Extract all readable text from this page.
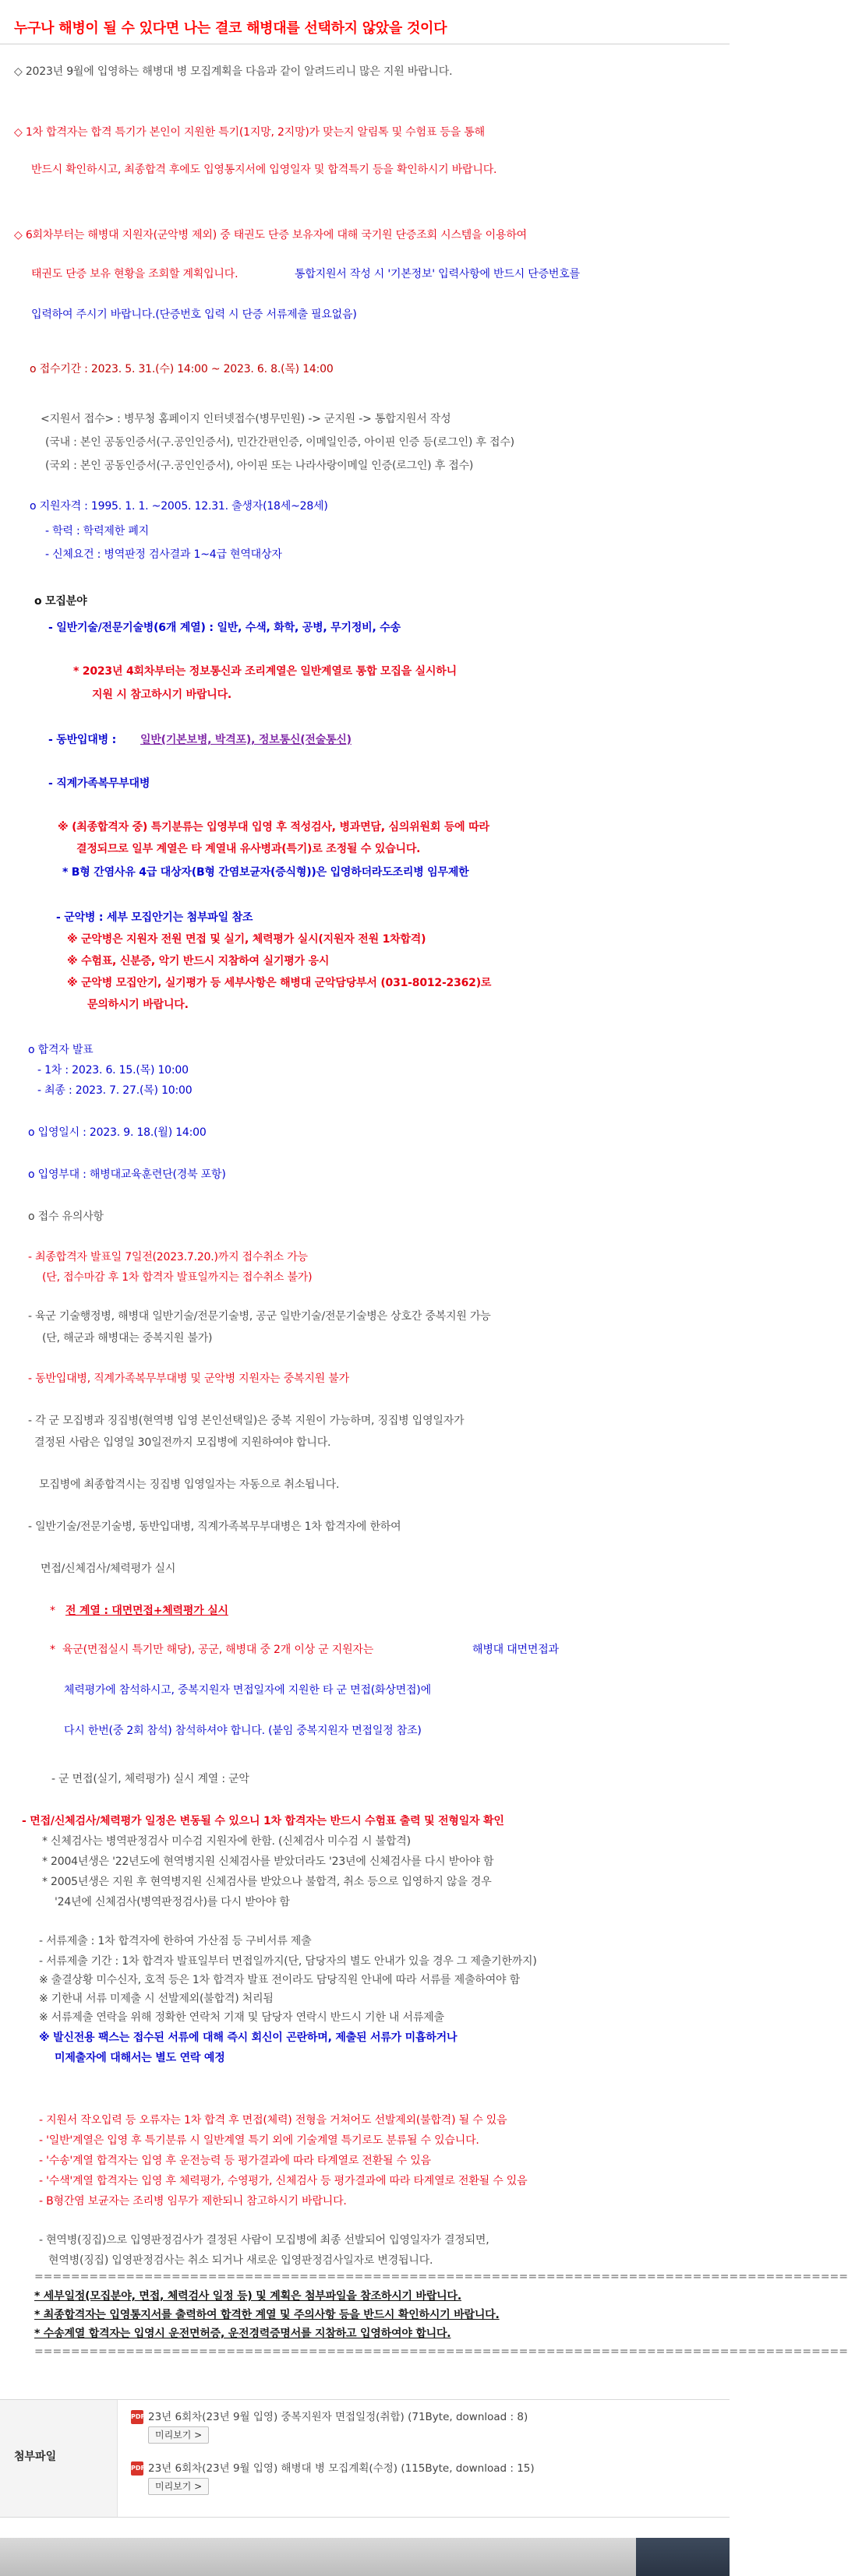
누구나 해병이 될 수 있다면 나는 결코 해병대를 선택하지 않았을 것이다
◇ 2023년 9월에 입영하는 해병대 병 모집계획을 다음과 같이 알려드리니 많은 지원 바랍니다.
◇ 1차 합격자는 합격 특기가 본인이 지원한 특기(1지망, 2지망)가 맞는지 알림톡 및 수험표 등을 통해
반드시 확인하시고, 최종합격 후에도 입영통지서에 입영일자 및 합격특기 등을 확인하시기 바랍니다.
◇ 6회차부터는 해병대 지원자(군악병 제외) 중 태권도 단증 보유자에 대해 국기원 단증조회 시스템을 이용하여
태권도 단증 보유 현황을 조회할 계획입니다.	통합지원서 작성 시 '기본정보' 입력사항에 반드시 단증번호를
입력하여 주시기 바랍니다.(단증번호 입력 시 단증 서류제출 필요없음)
o 접수기간 : 2023. 5. 31.(수) 14:00 ~ 2023. 6. 8.(목) 14:00
<지원서 접수> : 병무청 홈페이지 인터넷접수(병무민원) -> 군지원 -> 통합지원서 작성
(국내 : 본인 공동인증서(구.공인인증서), 민간간편인증, 이메일인증, 아이핀 인증 등(로그인) 후 접수)
(국외 : 본인 공동인증서(구.공인인증서), 아이핀 또는 나라사랑이메일 인증(로그인) 후 접수)
o 지원자격 : 1995. 1. 1. ~2005. 12.31. 출생자(18세~28세)
- 학력 : 학력제한 폐지
- 신체요건 : 병역판정 검사결과 1~4급 현역대상자
o 모집분야
- 일반기술/전문기술병(6개 계열) : 일반, 수색, 화학, 공병, 무기정비, 수송
* 2023년 4회차부터는 정보통신과 조리계열은 일반계열로 통합 모집을 실시하니
지원 시 참고하시기 바랍니다.
- 동반입대병 : 일반(기본보병, 박격포), 정보통신(전술통신)
- 직계가족복무부대병
※ (최종합격자 중) 특기분류는 입영부대 입영 후 적성검사, 병과면담, 심의위원회 등에 따라
결정되므로 일부 계열은 타 계열내 유사병과(특기)로 조정될 수 있습니다.
* B형 간염사유 4급 대상자(B형 간염보균자(증식형))은 입영하더라도조리병 임무제한
- 군악병 : 세부 모집안기는 첨부파일 참조
※ 군악병은 지원자 전원 면접 및 실기, 체력평가 실시(지원자 전원 1차합격)
※ 수험표, 신분증, 악기 반드시 지참하여 실기평가 응시
※ 군악병 모집안기, 실기평가 등 세부사항은 해병대 군악담당부서 (031-8012-2362)로
문의하시기 바랍니다.
o 합격자 발표
- 1차 : 2023. 6. 15.(목) 10:00
- 최종 : 2023. 7. 27.(목) 10:00
o 입영일시 : 2023. 9. 18.(월) 14:00
o 입영부대 : 해병대교육훈련단(경북 포항)
o 접수 유의사항
- 최종합격자 발표일 7일전(2023.7.20.)까지 접수취소 가능
(단, 접수마감 후 1차 합격자 발표일까지는 접수취소 불가)
- 육군 기술행정병, 해병대 일반기술/전문기술병, 공군 일반기술/전문기술병은 상호간 중복지원 가능
(단, 해군과 해병대는 중복지원 불가)
- 동반입대병, 직계가족복무부대병 및 군악병 지원자는 중복지원 불가
- 각 군 모집병과 징집병(현역병 입영 본인선택일)은 중복 지원이 가능하며, 징집병 입영일자가
결정된 사람은 입영일 30일전까지 모집병에 지원하여야 합니다.
모집병에 최종합격시는 징집병 입영일자는 자동으로 취소됩니다.
- 일반기술/전문기술병, 동반입대병, 직계가족복무부대병은 1차 합격자에 한하여
면접/신체검사/체력평가 실시
* 전 계열 : 대면면접+체력평가 실시
* 육군(면접실시 특기만 해당), 공군, 해병대 중 2개 이상 군 지원자는	해병대 대면면접과
체력평가에 참석하시고, 중복지원자 면접일자에 지원한 타 군 면접(화상면접)에
다시 한번(중 2회 참석) 참석하셔야 합니다. (붙임 중복지원자 면접일정 참조)
- 군 면접(실기, 체력평가) 실시 계열 : 군악
- 면접/신체검사/체력평가 일정은 변동될 수 있으니 1차 합격자는 반드시 수험표 출력 및 전형일자 확인
* 신체검사는 병역판정검사 미수검 지원자에 한함. (신체검사 미수검 시 불합격)
* 2004년생은 '22년도에 현역병지원 신체검사를 받았더라도 '23년에 신체검사를 다시 받아야 함
* 2005년생은 지원 후 현역병지원 신체검사를 받았으나 불합격, 취소 등으로 입영하지 않을 경우
'24년에 신체검사(병역판정검사)를 다시 받아야 함
- 서류제출 : 1차 합격자에 한하여 가산점 등 구비서류 제출
- 서류제출 기간 : 1차 합격자 발표일부터 면접일까지(단, 담당자의 별도 안내가 있을 경우 그 제출기한까지)
※ 출결상황 미수신자, 호적 등은 1차 합격자 발표 전이라도 담당직원 안내에 따라 서류를 제출하여야 함
※ 기한내 서류 미제출 시 선발제외(불합격) 처리됨
※ 서류제출 연락을 위해 정확한 연락처 기재 및 담당자 연락시 반드시 기한 내 서류제출
※ 발신전용 팩스는 접수된 서류에 대해 즉시 회신이 곤란하며, 제출된 서류가 미흡하거나
미제출자에 대해서는 별도 연락 예정
- 지원서 작오입력 등 오류자는 1차 합격 후 면접(체력) 전형을 거쳐어도 선발제외(불합격) 될 수 있음
- '일반'계열은 입영 후 특기분류 시 일반계열 특기 외에 기술계열 특기로도 분류될 수 있습니다.
- '수송'계열 합격자는 입영 후 운전능력 등 평가결과에 따라 타계열로 전환될 수 있음
- '수색'계열 합격자는 입영 후 체력평가, 수영평가, 신체검사 등 평가결과에 따라 타계열로 전환될 수 있음
- B형간염 보균자는 조리병 임무가 제한되니 참고하시기 바랍니다.
- 현역병(징집)으로 입영판정검사가 결정된 사람이 모집병에 최종 선발되어 입영일자가 결정되면,
현역병(징집) 입영판정검사는 취소 되거나 새로운 입영판정검사일자로 변경됩니다.
=========================================================================================
* 세부일정(모집분야, 면접, 체력검사 일정 등) 및 계획은 첨부파일을 참조하시기 바랍니다.
* 최종합격자는 입영통지서를 출력하여 합격한 계열 및 주의사항 등을 반드시 확인하시기 바랍니다.
* 수송계열 합격자는 입영시 운전면허증, 운전경력증명서를 지참하고 입영하여야 합니다.
=========================================================================================
첨부파일
PDF 23년 6회차(23년 9월 입영) 중복지원자 면접일정(취합) (71Byte, download : 8)
미리보기 >
PDF 23년 6회차(23년 9월 입영) 해병대 병 모집계획(수정) (115Byte, download : 15)
미리보기 >
